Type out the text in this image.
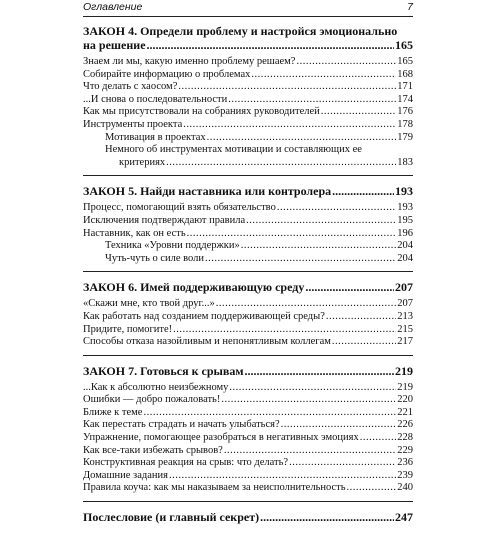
Оглавление	7
ЗАКОН 4. Определи проблему и настройся эмоционально
на решение .....	165
Знаем ли мы, какую именно проблему решаем? .....	165
Собирайте информацию о проблемах .....	168
Что делать с хаосом? .....	171
...И снова о последовательности .....	174
Как мы присутствовали на собраниях руководителей .....	176
Инструменты проекта .....	178
Мотивация в проектах .....	179
Немного об инструментах мотивации и составляющих ее
критериях .....	183
ЗАКОН 5. Найди наставника или контролера .....	193
Процесс, помогающий взять обязательство .....	193
Исключения подтверждают правила .....	195
Наставник, как он есть .....	196
Техника «Уровни поддержки» .....	204
Чуть-чуть о силе воли .....	204
ЗАКОН 6. Имей поддерживающую среду .....	207
«Скажи мне, кто твой друг...» .....	207
Как работать над созданием поддерживающей среды? .....	213
Придите, помогите! .....	215
Способы отказа назойливым и непонятливым коллегам .....	217
ЗАКОН 7. Готовься к срывам .....	219
...Как к абсолютно неизбежному .....	219
Ошибки — добро пожаловать! .....	220
Ближе к теме .....	221
Как перестать страдать и начать улыбаться? .....	226
Упражнение, помогающее разобраться в негативных эмоциях .....	228
Как все-таки избежать срывов? .....	229
Конструктивная реакция на срыв: что делать? .....	236
Домашние задания .....	239
Правила коуча: как мы наказываем за неисполнительность .....	240
Послесловие (и главный секрет) .....	247
